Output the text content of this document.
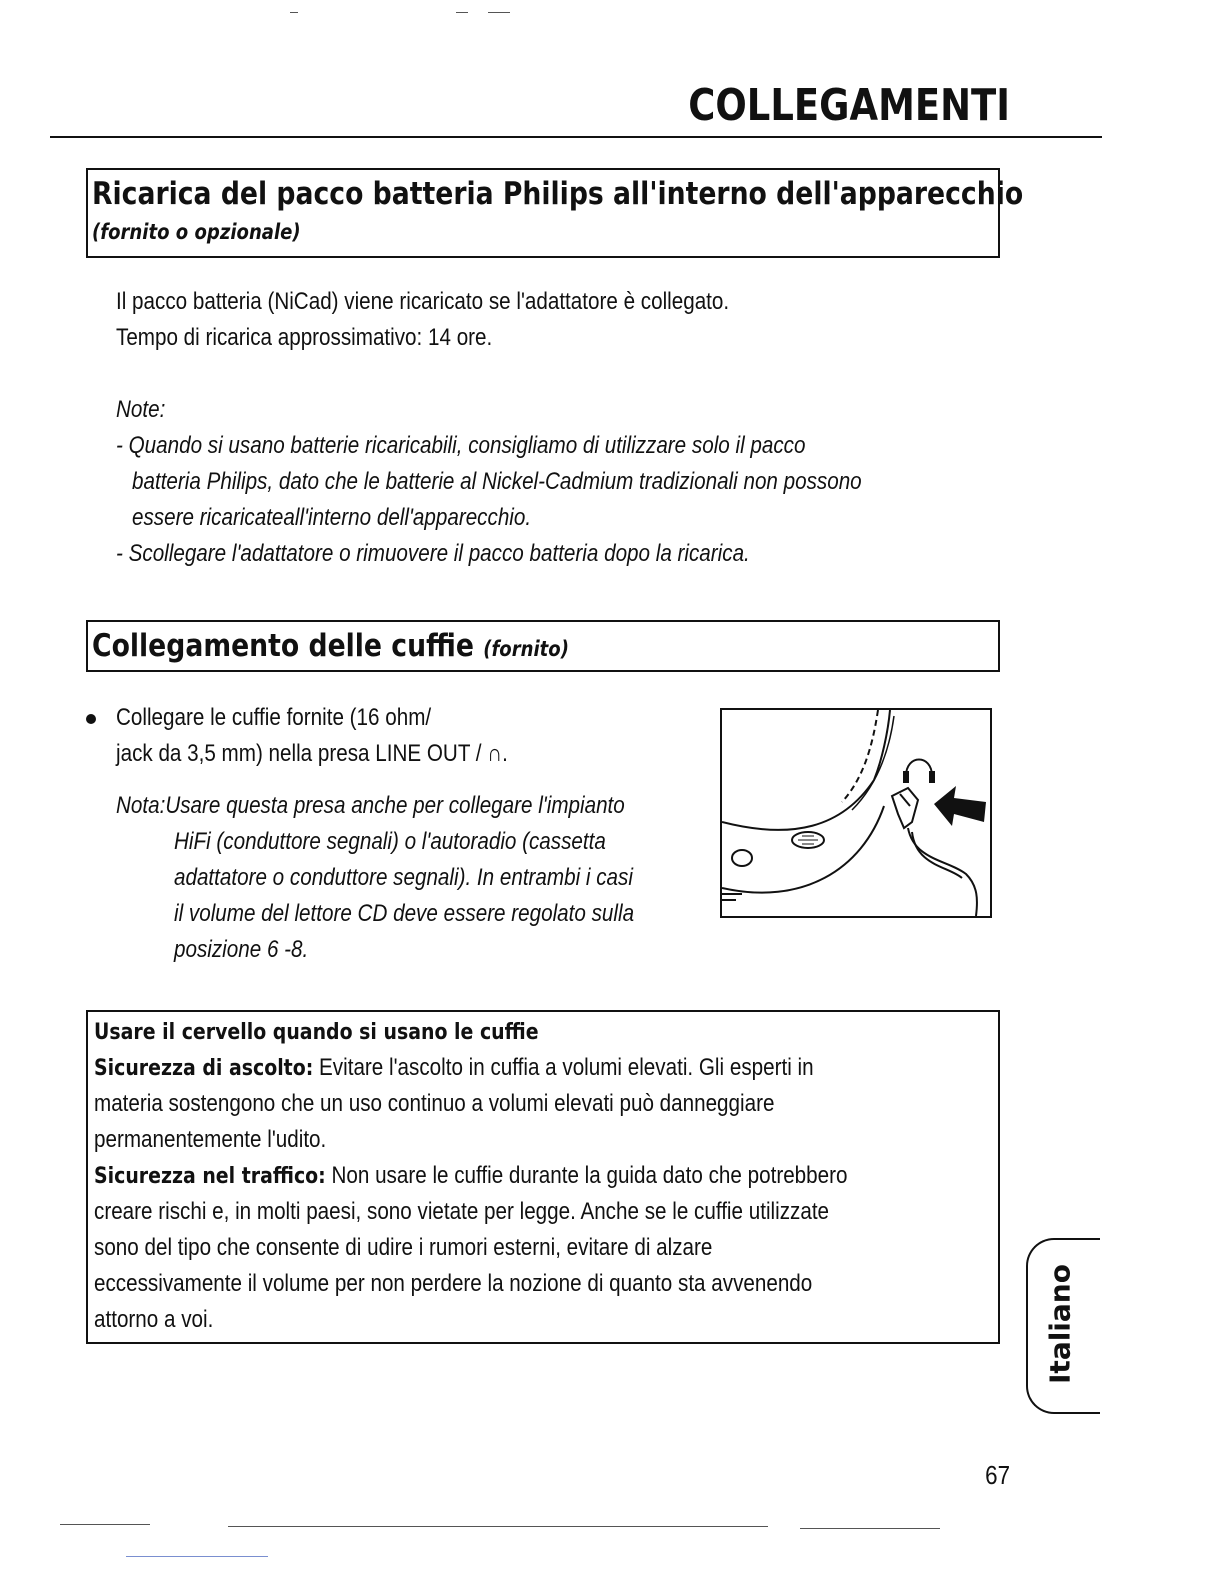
COLLEGAMENTI
Ricarica del pacco batteria Philips all'interno dell'apparecchio
(fornito o opzionale)
Il pacco batteria (NiCad) viene ricaricato se l'adattatore è collegato.
Tempo di ricarica approssimativo: 14 ore.
Note:
- Quando si usano batterie ricaricabili, consigliamo di utilizzare solo il pacco
batteria Philips, dato che le batterie al Nickel-Cadmium tradizionali non possono
essere ricaricateall'interno dell'apparecchio.
- Scollegare l'adattatore o rimuovere il pacco batteria dopo la ricarica.
Collegamento delle cuffie (fornito)
Collegare le cuffie fornite (16 ohm/
jack da 3,5 mm) nella presa LINE OUT / ∩.
Nota:Usare questa presa anche per collegare l'impianto
HiFi (conduttore segnali) o l'autoradio (cassetta
adattatore o conduttore segnali). In entrambi i casi
il volume del lettore CD deve essere regolato sulla
posizione 6 -8.
Usare il cervello quando si usano le cuffie
Sicurezza di ascolto: Evitare l'ascolto in cuffia a volumi elevati. Gli esperti in
materia sostengono che un uso continuo a volumi elevati può danneggiare
permanentemente l'udito.
Sicurezza nel traffico: Non usare le cuffie durante la guida dato che potrebbero
creare rischi e, in molti paesi, sono vietate per legge. Anche se le cuffie utilizzate
sono del tipo che consente di udire i rumori esterni, evitare di alzare
eccessivamente il volume per non perdere la nozione di quanto sta avvenendo
attorno a voi.	Italiano
67
